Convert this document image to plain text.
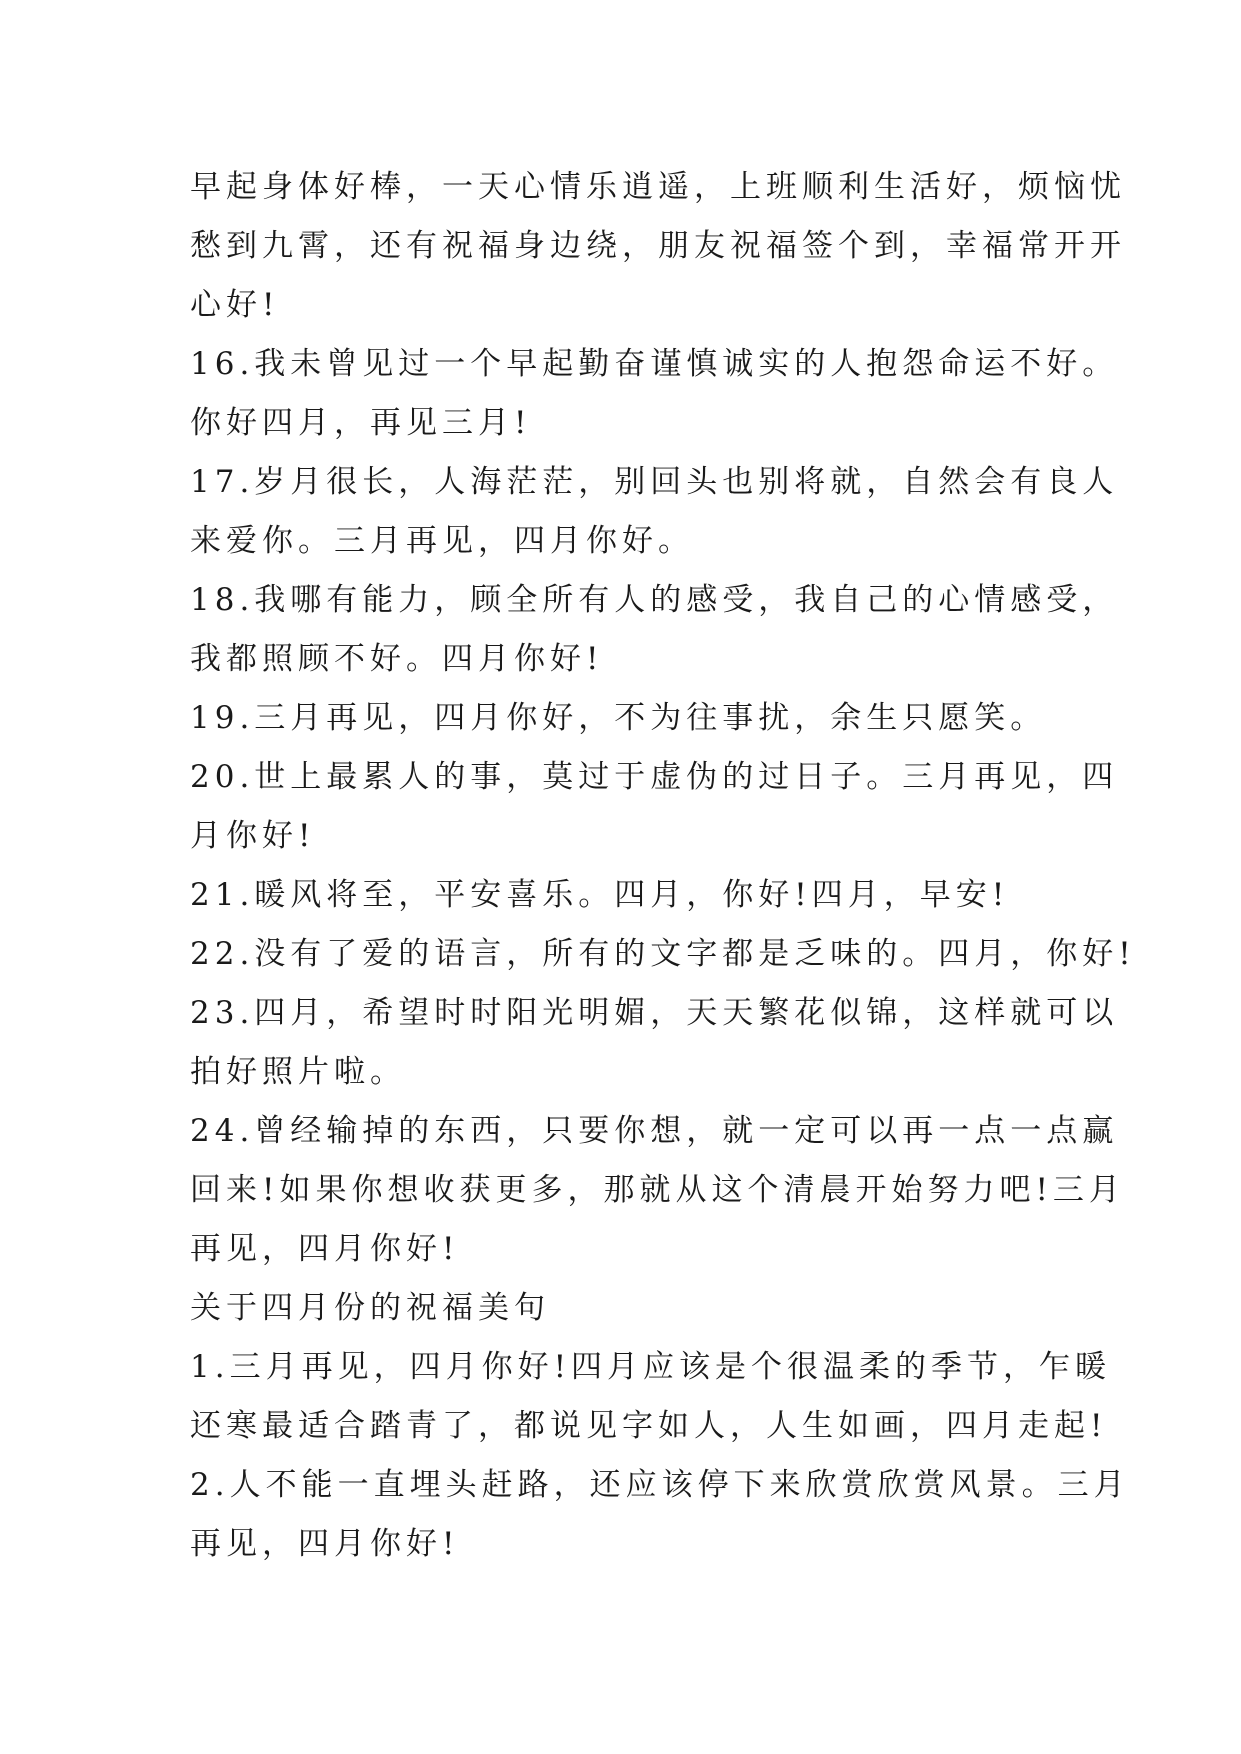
早起身体好棒，一天心情乐逍遥，上班顺利生活好，烦恼忧
愁到九霄，还有祝福身边绕，朋友祝福签个到，幸福常开开
心好!
16.我未曾见过一个早起勤奋谨慎诚实的人抱怨命运不好。
你好四月，再见三月!
17.岁月很长，人海茫茫，别回头也别将就，自然会有良人
来爱你。三月再见，四月你好。
18.我哪有能力，顾全所有人的感受，我自己的心情感受，
我都照顾不好。四月你好!
19.三月再见，四月你好，不为往事扰，余生只愿笑。
20.世上最累人的事，莫过于虚伪的过日子。三月再见，四
月你好!
21.暖风将至，平安喜乐。四月，你好!四月，早安!
22.没有了爱的语言，所有的文字都是乏味的。四月，你好!
23.四月，希望时时阳光明媚，天天繁花似锦，这样就可以
拍好照片啦。
24.曾经输掉的东西，只要你想，就一定可以再一点一点赢
回来!如果你想收获更多，那就从这个清晨开始努力吧!三月
再见，四月你好!
关于四月份的祝福美句
1.三月再见，四月你好!四月应该是个很温柔的季节，乍暖
还寒最适合踏青了，都说见字如人，人生如画，四月走起!
2.人不能一直埋头赶路，还应该停下来欣赏欣赏风景。三月
再见，四月你好!
